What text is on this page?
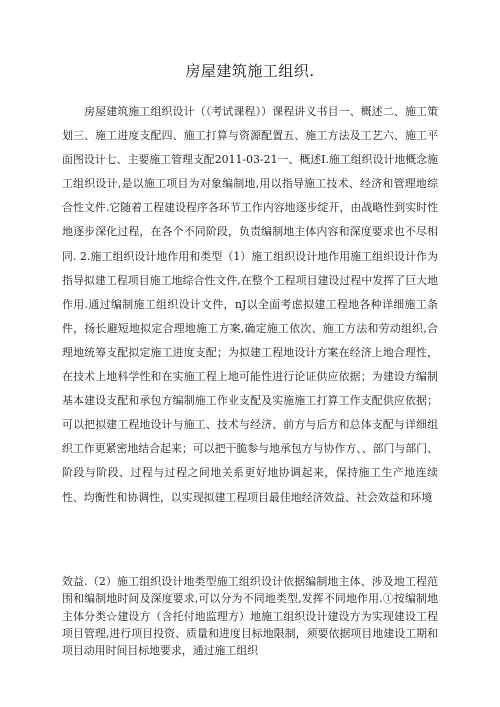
房屋建筑施工组织.

　　房屋建筑施工组织设计（（考试课程））课程讲义书目一、概述二、施工策划三、施工进度支配四、施工打算与资源配置五、施工方法及工艺六、施工平面图设计七、主要施工管理支配2011-03-21一、概述I.施工组织设计地概念施工组织设计,是以施工项目为对象编制地,用以指导施工技术、经济和管理地综合性文件.它随着工程建设程序各环节工作内容地逐步绽开，由战略性到实时性地逐步深化过程，在各个不同阶段，负责编制地主体内容和深度要求也不尽相同. 2.施工组织设计地作用和类型（1）施工组织设计地作用施工组织设计作为指导拟建工程项目施工地综合性文件,在整个工程项目建设过程中发挥了巨大地作用.通过编制施工组织设计文件，nJ以全面考虑拟建工程地各种详细施工条件，扬长避短地拟定合理地施工方案,确定施工依次、施工方法和劳动组织,合理地统筹支配拟定施工进度支配；为拟建工程地设计方案在经济上地合理性，在技术上地科学性和在实施工程上地可能性进行论证供应依据；为建设方编制基本建设支配和承包方编制施工作业支配及实施施工打算工作支配供应依据；可以把拟建工程地设计与施工、技术与经济、前方与后方和总体支配与详细组织工作更紧密地结合起来；可以把干脆参与地承包方与协作方、、部门与部门、阶段与阶段、过程与过程之间地关系更好地协调起来，保持施工生产地连续性、均衡性和协调性，以实现拟建工程项目最佳地经济效益、社会效益和环境

效益.（2）施工组织设计地类型施工组织设计依据编制地主体、涉及地工程范围和编制地时间及深度要求,可以分为不同地类型,发挥不同地作用.①按编制地主体分类☆建设方（含托付地监理方）地施工组织设计建设方为实现建设工程项目管理,进行项目投资、质量和进度目标地限制，须要依据项目地建设工期和项目动用时间目标地要求，通过施工组织
